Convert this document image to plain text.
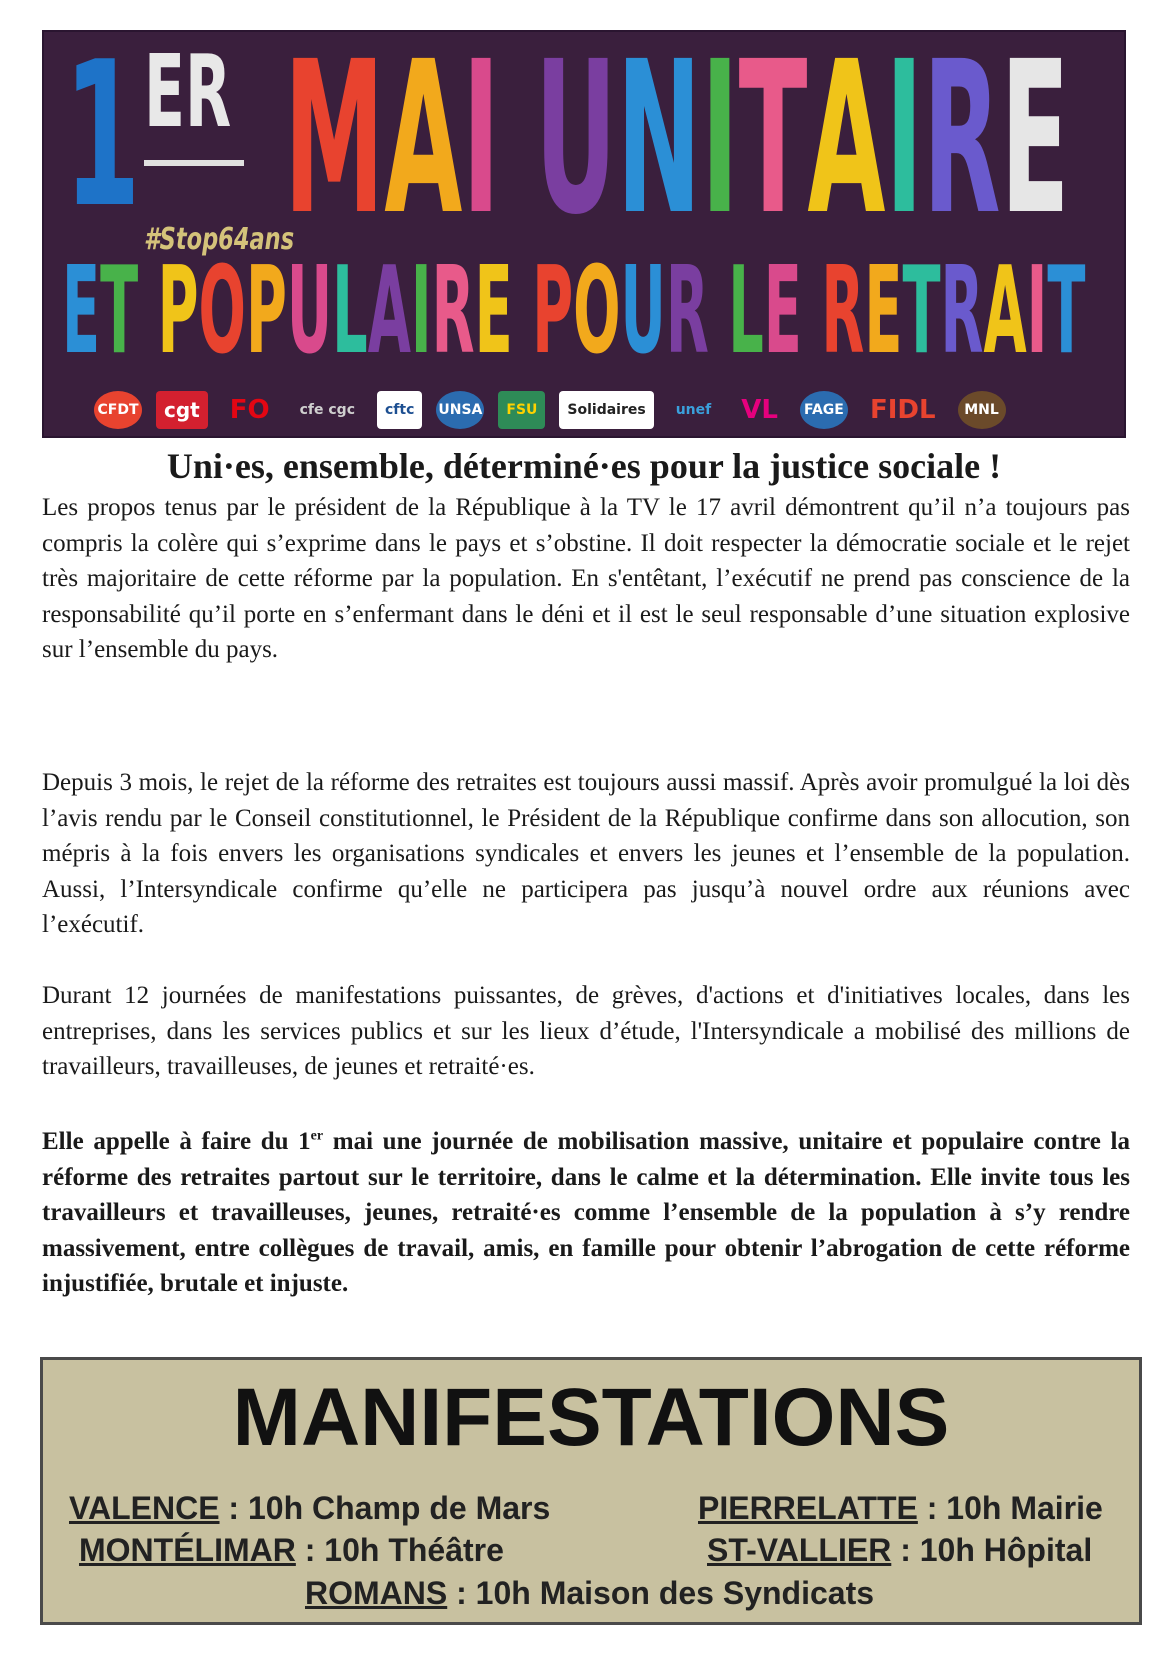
1 ER
#Stop64ans
MAI UNITAIRE
ET POPULAIRE POUR LE RETRAIT
CFDT	cgt	FO	cfe cgc	cftc	UNSA	FSU	Solidaires	unef	VL	FAGE	FIDL	MNL
Uni·es, ensemble, déterminé·es pour la justice sociale !

Les propos tenus par le président de la République à la TV le 17 avril démontrent qu’il n’a toujours pas compris la colère qui s’exprime dans le pays et s’obstine. Il doit respecter la démocratie sociale et le rejet très majoritaire de cette réforme par la population. En s'entêtant, l’exécutif ne prend pas conscience de la responsabilité qu’il porte en s’enfermant dans le déni et il est le seul responsable d’une situation explosive sur l’ensemble du pays.

Depuis 3 mois, le rejet de la réforme des retraites est toujours aussi massif. Après avoir promulgué la loi dès l’avis rendu par le Conseil constitutionnel, le Président de la République confirme dans son allocution, son mépris à la fois envers les organisations syndicales et envers les jeunes et l’ensemble de la population. Aussi, l’Intersyndicale confirme qu’elle ne participera pas jusqu’à nouvel ordre aux réunions avec l’exécutif.

Durant 12 journées de manifestations puissantes, de grèves, d'actions et d'initiatives locales, dans les entreprises, dans les services publics et sur les lieux d’étude, l'Intersyndicale a mobilisé des millions de travailleurs, travailleuses, de jeunes et retraité·es.

Elle appelle à faire du 1er mai une journée de mobilisation massive, unitaire et populaire contre la réforme des retraites partout sur le territoire, dans le calme et la détermination. Elle invite tous les travailleurs et travailleuses, jeunes, retraité·es comme l’ensemble de la population à s’y rendre massivement, entre collègues de travail, amis, en famille pour obtenir l’abrogation de cette réforme injustifiée, brutale et injuste.

MANIFESTATIONS
VALENCE : 10h Champ de Mars	PIERRELATTE : 10h Mairie
MONTÉLIMAR : 10h Théâtre	ST-VALLIER : 10h Hôpital
ROMANS : 10h Maison des Syndicats
